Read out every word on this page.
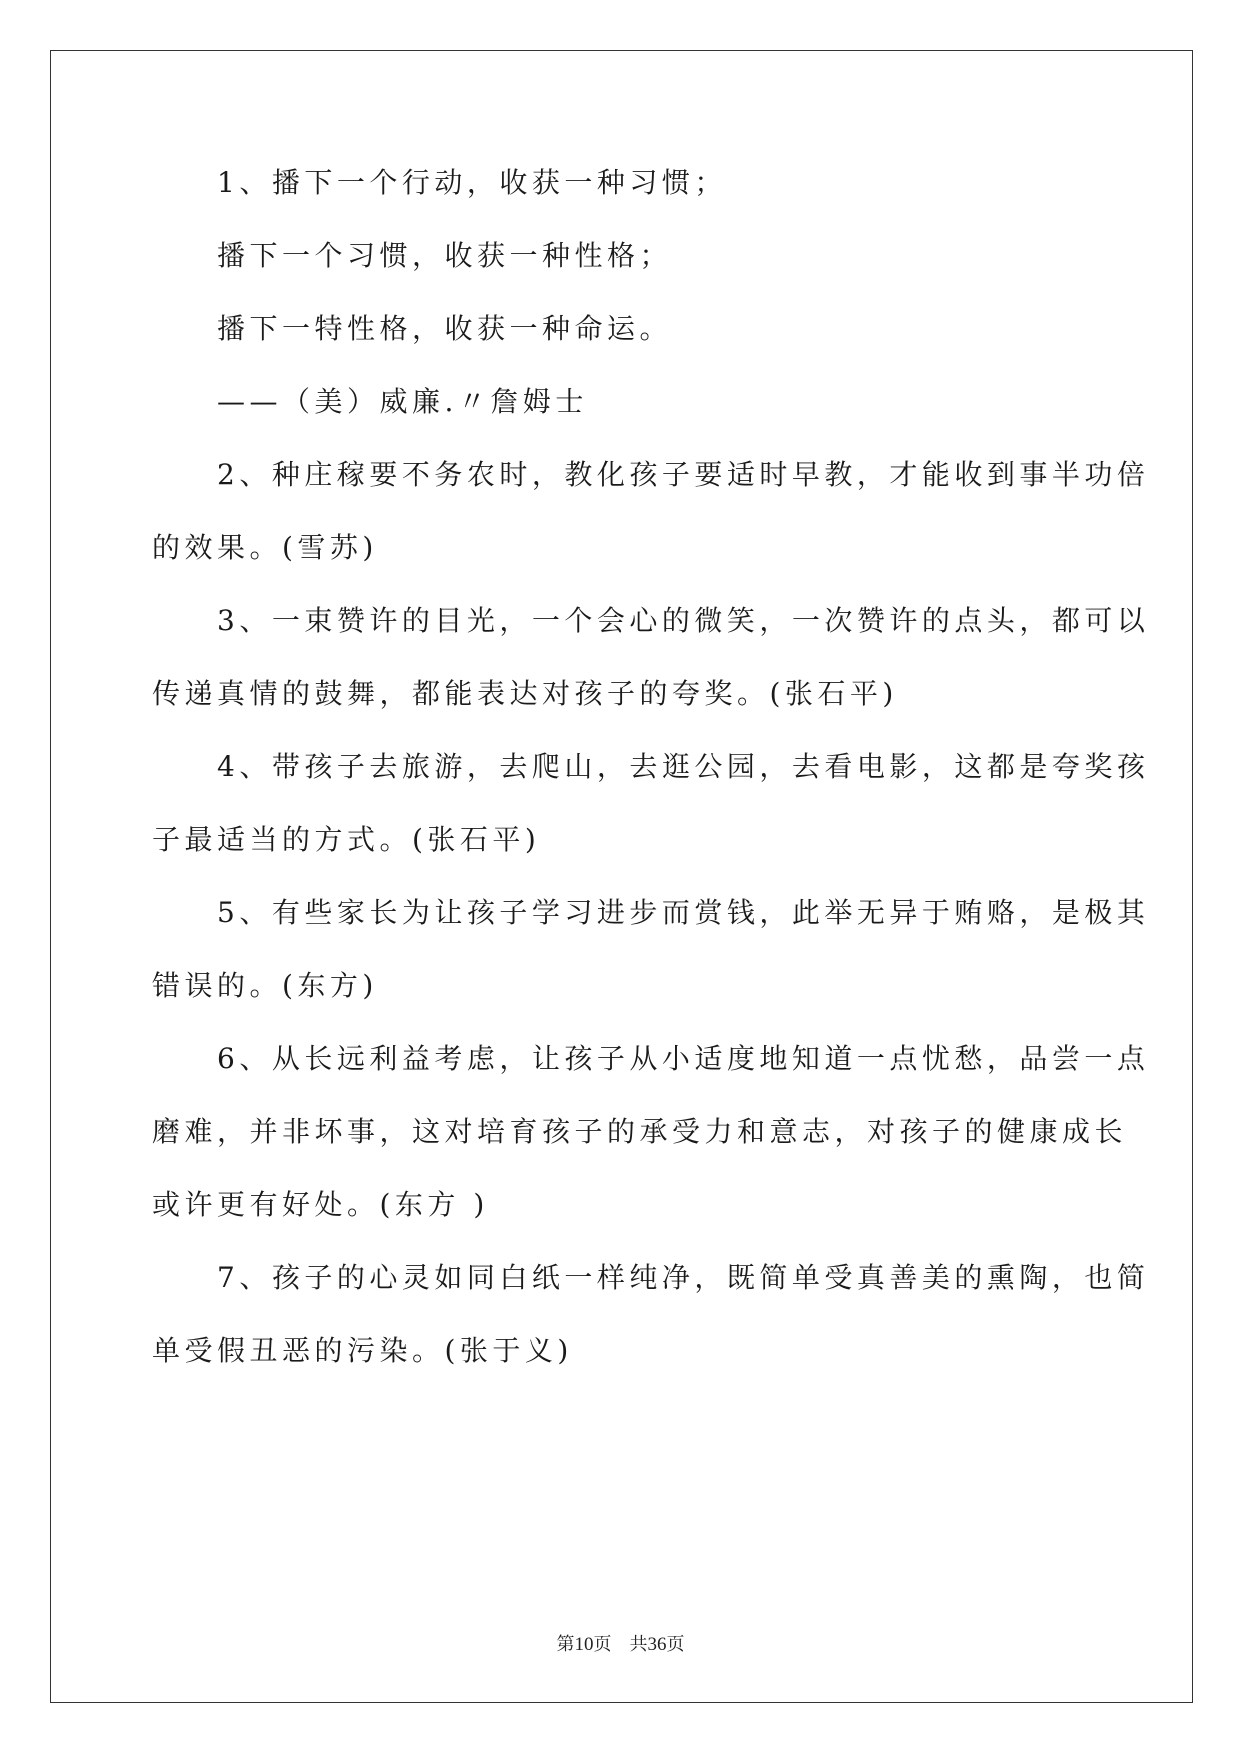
　　1、播下一个行动，收获一种习惯；
　　播下一个习惯，收获一种性格；
　　播下一特性格，收获一种命运。
　　——（美）威廉.〃詹姆士
　　2、种庄稼要不务农时，教化孩子要适时早教，才能收到事半功倍
的效果。(雪苏)
　　3、一束赞许的目光，一个会心的微笑，一次赞许的点头，都可以
传递真情的鼓舞，都能表达对孩子的夸奖。(张石平)
　　4、带孩子去旅游，去爬山，去逛公园，去看电影，这都是夸奖孩
子最适当的方式。(张石平)
　　5、有些家长为让孩子学习进步而赏钱，此举无异于贿赂，是极其
错误的。(东方)
　　6、从长远利益考虑，让孩子从小适度地知道一点忧愁，品尝一点
磨难，并非坏事，这对培育孩子的承受力和意志，对孩子的健康成长
或许更有好处。(东方 )
　　7、孩子的心灵如同白纸一样纯净，既简单受真善美的熏陶，也简
单受假丑恶的污染。(张于义)
第10页　共36页
